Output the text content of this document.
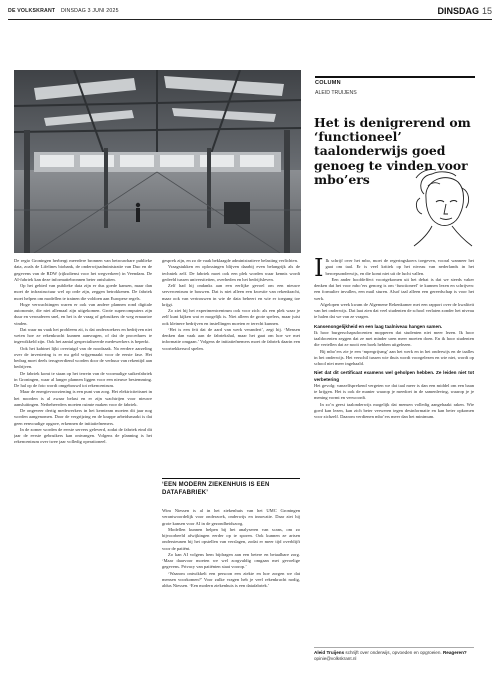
DE VOLKSKRANT DINSDAG 3 JUNI 2025	DINSDAG 15
COLUMN
ALEID TRUIJENS
Het is denigrerend om ‘functioneel’ taalonderwijs goed genoeg te vinden voor mbo’ers

De regio Groningen herbergt meerdere bronnen van betrouwbare publieke data, zoals de Lifelines biobank, de onderwijsadministratie van Duo en de gegevens van de RDW (rijksdienst voor het wegverkeer) in Veendam. De AI-fabriek kan deze informatiebronnen beter ontsluiten.

Op het gebied van publieke data zijn er dus goede kansen, maar dan moet de infrastructuur wel op orde zijn, zeggen betrokkenen. De fabriek moet helpen om modellen te trainen die voldoen aan Europese regels.

Hoge verwachtingen waren er ook van andere plannen rond digitale autonomie, die niet allemaal zijn uitgekomen. Grote supercomputers zijn duur en verouderen snel, en het is de vraag of gebruikers de weg ernaartoe vinden.

Dat waar nu vaak het probleem zit, is dat onderzoekers en bedrijven niet weten hoe ze rekenkracht kunnen aanvragen, of dat de procedures te ingewikkeld zijn. Ook het aantal gespecialiseerde medewerkers is beperkt.

Ook het kabinet lijkt overtuigd van de noodzaak. Na eerdere aarzeling over de investering is er nu geld vrijgemaakt voor de eerste fase. Het bedrag moet deels terugverdiend worden door de verhuur van rekentijd aan bedrijven.

De fabriek komt te staan op het terrein van de voormalige suikerfabriek in Groningen, waar al langer plannen liggen voor een nieuwe bestemming. De hal op de foto wordt omgebouwd tot rekencentrum.

Maar de energievoorziening is een punt van zorg. Het elektriciteitsnet in het noorden is al zwaar belast en er zijn wachtrijen voor nieuwe aansluitingen. Netbeheerders moeten ruimte maken voor de fabriek.

De ongeveer dertig medewerkers in het kernteam moeten dit jaar nog worden aangenomen. Door de vergrijzing en de krappe arbeidsmarkt is dat geen eenvoudige opgave, erkennen de initiatiefnemers.

In de zomer worden de eerste servers geleverd, zodat de fabriek eind dit jaar de eerste gebruikers kan ontvangen. Volgens de planning is het rekencentrum over twee jaar volledig operationeel.

gesprek zijn, en zo de vaak beklaagde administratieve belasting verlichten.

Vraagstukken en oplossingen blijven daarbij even belangrijk als de techniek zelf. De fabriek moet ook een plek worden waar kennis wordt gedeeld tussen universiteiten, overheden en het bedrijfsleven.

Zelf had hij ondanks aan een eerlijke gevoel om een nieuwe servercentrum te bouwen. Dat is niet alleen een kwestie van rekenkracht, maar ook van vertrouwen in wie de data beheert en wie er toegang toe krijgt.

Zo ziet hij het experimentcentrum ook voor zich: als een plek waar je zelf kunt kijken wat er mogelijk is. Niet alleen de grote spelers, maar juist ook kleinere bedrijven en instellingen moeten er terecht kunnen.

‘Het is een feit dat de aard van werk verandert’, zegt hij. ‘Mensen denken dan vaak aan de fabriekshal, maar het gaat om hoe we met informatie omgaan.’ Volgens de initiatiefnemers moet de fabriek daarin een voortrekkersrol spelen.

‘EEN MODERN ZIEKENHUIS IS EEN DATAFABRIEK’

Wim Niessen is al in het ziekenhuis van het UMC Groningen verantwoordelijk voor onderzoek, onderwijs en innovatie. Daar ziet hij grote kansen voor AI in de gezondheidszorg.

Modellen kunnen helpen bij het analyseren van scans, om zo bijvoorbeeld afwijkingen eerder op te sporen. Ook kunnen ze artsen ondersteunen bij het opstellen van verslagen, zodat er meer tijd overblijft voor de patiënt.

Zo kan AI volgens hem bijdragen aan een betere en betaalbare zorg. ‘Maar daarvoor moeten we wel zorgvuldig omgaan met gevoelige gegevens. Privacy van patiënten staat voorop.’

‘Waarom ontwikkelt een persoon een ziekte en hoe zorgen we dat mensen voorkomen?’ Voor zulke vragen heb je veel rekenkracht nodig, aldus Niessen. ‘Een modern ziekenhuis is een datafabriek.’

I Ik schrijf over het mbo, moet de regeringskoers toegeven, vooral wanneer het gaat om taal. Er is veel kritiek op het niveau van nederlands in het beroepsonderwijs, en die komt niet uit de lucht vallen.

Een ander hoofdeffect voortgekomen uit het debat is dat we steeds vaker denken dat het voor mbo’ers genoeg is om ‘functioneel’ te kunnen lezen en schrijven: een formulier invullen, een mail sturen. Alsof taal alleen een gereedschap is voor het werk.

Afgelopen week kwam de Algemene Rekenkamer met een rapport over de kwaliteit van het onderwijs. Dat laat zien dat veel studenten de school verlaten zonder het niveau te halen dat we van ze vragen.

Kansenongelijkheid en een laag taalniveau hangen samen.

Ik hoor burgerschapsdocenten mopperen dat studenten niet meer lezen. Ik hoor taaldocenten zeggen dat ze met minder uren meer moeten doen. En ik hoor studenten die vertellen dat ze nooit een boek hebben uitgelezen.

Bij mbo’ers zie je een ‘mpergrijsmg’ aan het werk en in het onderwijs en de taalles in het onderwijs. Het verschil tussen wie thuis wordt voorgelezen en wie niet, wordt op school niet meer ingehaald.

Niet dat dit certificaat examens wel geholpen hebben. Ze leiden niet tot verbetering

Het gevolg: vanzelfsprekend vergeten we dat taal meer is dan een middel om een baan te krijgen. Het is ook de manier waarop je meedoet in de samenleving, waarop je je mening vormt en verwoordt.

In zo’n geest taalonderwijs mogelijk dat mensen volledig aangehaakt raken. Wie goed kan lezen, kan zich beter verweren tegen desinformatie en kan beter opkomen voor zichzelf. Daarom verdienen mbo’ers meer dan het minimum.

Aleid Truijens schrijft over onderwijs, opvoeden en opgroeien. Reageren? opinie@volkskrant.nl
